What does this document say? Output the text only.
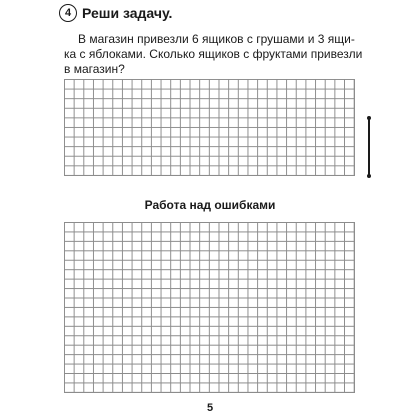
4 Реши задачу.
В магазин привезли 6 ящиков с грушами и 3 ящи-
ка с яблоками. Сколько ящиков с фруктами привезли
в магазин?
Работа над ошибками
5
